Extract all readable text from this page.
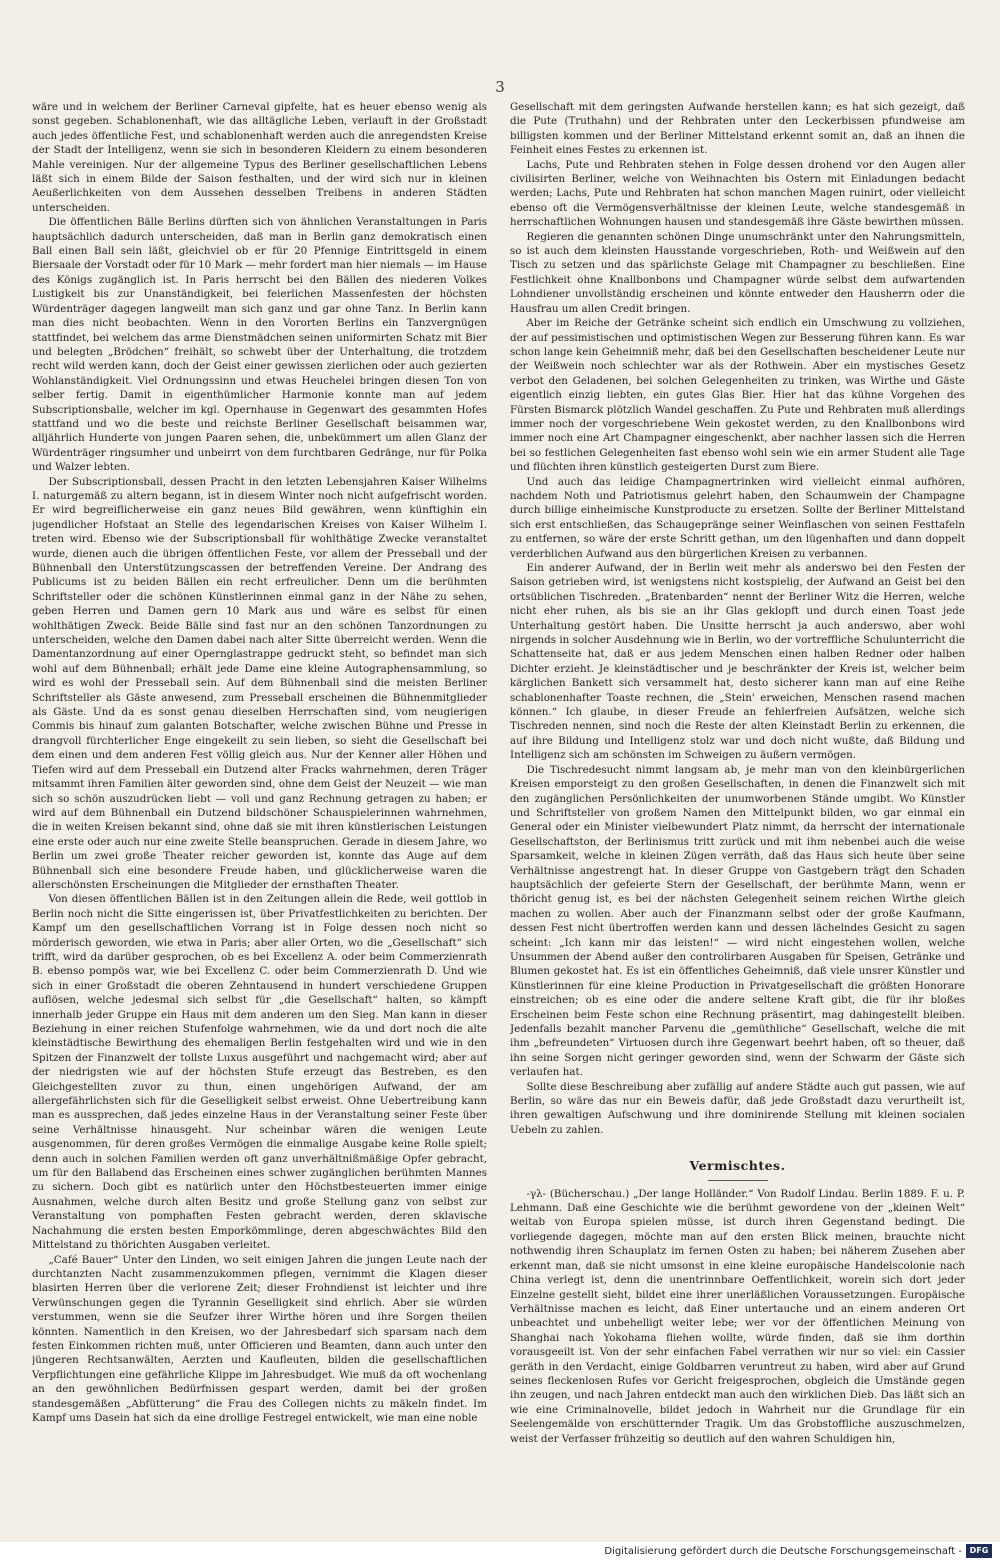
3

wäre und in welchem der Berliner Carneval gipfelte, hat es heuer ebenso wenig als sonst gegeben. Schablonenhaft, wie das alltägliche Leben, verlauft in der Großstadt auch jedes öffentliche Fest, und schablonenhaft werden auch die anregendsten Kreise der Stadt der Intelligenz, wenn sie sich in besonderen Kleidern zu einem besonderen Mahle vereinigen. Nur der allgemeine Typus des Berliner gesellschaftlichen Lebens läßt sich in einem Bilde der Saison festhalten, und der wird sich nur in kleinen Aeußerlichkeiten von dem Aussehen desselben Treibens in anderen Städten unterscheiden.

Die öffentlichen Bälle Berlins dürften sich von ähnlichen Veranstaltungen in Paris hauptsächlich dadurch unterscheiden, daß man in Berlin ganz demokratisch einen Ball einen Ball sein läßt, gleichviel ob er für 20 Pfennige Eintrittsgeld in einem Biersaale der Vorstadt oder für 10 Mark — mehr fordert man hier niemals — im Hause des Königs zugänglich ist. In Paris herrscht bei den Bällen des niederen Volkes Lustigkeit bis zur Unanständigkeit, bei feierlichen Massenfesten der höchsten Würdenträger dagegen langweilt man sich ganz und gar ohne Tanz. In Berlin kann man dies nicht beobachten. Wenn in den Vororten Berlins ein Tanzvergnügen stattfindet, bei welchem das arme Dienstmädchen seinen uniformirten Schatz mit Bier und belegten „Brödchen“ freihält, so schwebt über der Unterhaltung, die trotzdem recht wild werden kann, doch der Geist einer gewissen zierlichen oder auch gezierten Wohlanständigkeit. Viel Ordnungssinn und etwas Heuchelei bringen diesen Ton von selber fertig. Damit in eigenthümlicher Harmonie konnte man auf jedem Subscriptionsballe, welcher im kgl. Opernhause in Gegenwart des gesammten Hofes stattfand und wo die beste und reichste Berliner Gesellschaft beisammen war, alljährlich Hunderte von jungen Paaren sehen, die, unbekümmert um allen Glanz der Würdenträger ringsumher und unbeirrt von dem furchtbaren Gedränge, nur für Polka und Walzer lebten.

Der Subscriptionsball, dessen Pracht in den letzten Lebensjahren Kaiser Wilhelms I. naturgemäß zu altern begann, ist in diesem Winter noch nicht aufgefrischt worden. Er wird begreiflicherweise ein ganz neues Bild gewähren, wenn künftighin ein jugendlicher Hofstaat an Stelle des legendarischen Kreises von Kaiser Wilhelm I. treten wird. Ebenso wie der Subscriptionsball für wohlthätige Zwecke veranstaltet wurde, dienen auch die übrigen öffentlichen Feste, vor allem der Presseball und der Bühnenball den Unterstützungscassen der betreffenden Vereine. Der Andrang des Publicums ist zu beiden Bällen ein recht erfreulicher. Denn um die berühmten Schriftsteller oder die schönen Künstlerinnen einmal ganz in der Nähe zu sehen, geben Herren und Damen gern 10 Mark aus und wäre es selbst für einen wohlthätigen Zweck. Beide Bälle sind fast nur an den schönen Tanzordnungen zu unterscheiden, welche den Damen dabei nach alter Sitte überreicht werden. Wenn die Damentanzordnung auf einer Opernglastrappe gedruckt steht, so befindet man sich wohl auf dem Bühnenball; erhält jede Dame eine kleine Autographensammlung, so wird es wohl der Presseball sein. Auf dem Bühnenball sind die meisten Berliner Schriftsteller als Gäste anwesend, zum Presseball erscheinen die Bühnenmitglieder als Gäste. Und da es sonst genau dieselben Herrschaften sind, vom neugierigen Commis bis hinauf zum galanten Botschafter, welche zwischen Bühne und Presse in drangvoll fürchterlicher Enge eingekeilt zu sein lieben, so sieht die Gesellschaft bei dem einen und dem anderen Fest völlig gleich aus. Nur der Kenner aller Höhen und Tiefen wird auf dem Presseball ein Dutzend alter Fracks wahrnehmen, deren Träger mitsammt ihren Familien älter geworden sind, ohne dem Geist der Neuzeit — wie man sich so schön auszudrücken liebt — voll und ganz Rechnung getragen zu haben; er wird auf dem Bühnenball ein Dutzend bildschöner Schauspielerinnen wahrnehmen, die in weiten Kreisen bekannt sind, ohne daß sie mit ihren künstlerischen Leistungen eine erste oder auch nur eine zweite Stelle beanspruchen. Gerade in diesem Jahre, wo Berlin um zwei große Theater reicher geworden ist, konnte das Auge auf dem Bühnenball sich eine besondere Freude haben, und glücklicherweise waren die allerschönsten Erscheinungen die Mitglieder der ernsthaften Theater.

Von diesen öffentlichen Bällen ist in den Zeitungen allein die Rede, weil gottlob in Berlin noch nicht die Sitte eingerissen ist, über Privatfestlichkeiten zu berichten. Der Kampf um den gesellschaftlichen Vorrang ist in Folge dessen noch nicht so mörderisch geworden, wie etwa in Paris; aber aller Orten, wo die „Gesellschaft“ sich trifft, wird da darüber gesprochen, ob es bei Excellenz A. oder beim Commerzienrath B. ebenso pompös war, wie bei Excellenz C. oder beim Commerzienrath D. Und wie sich in einer Großstadt die oberen Zehntausend in hundert verschiedene Gruppen auflösen, welche jedesmal sich selbst für „die Gesellschaft“ halten, so kämpft innerhalb jeder Gruppe ein Haus mit dem anderen um den Sieg. Man kann in dieser Beziehung in einer reichen Stufenfolge wahrnehmen, wie da und dort noch die alte kleinstädtische Bewirthung des ehemaligen Berlin festgehalten wird und wie in den Spitzen der Finanzwelt der tollste Luxus ausgeführt und nachgemacht wird; aber auf der niedrigsten wie auf der höchsten Stufe erzeugt das Bestreben, es den Gleichgestellten zuvor zu thun, einen ungehörigen Aufwand, der am allergefährlichsten sich für die Geselligkeit selbst erweist. Ohne Uebertreibung kann man es aussprechen, daß jedes einzelne Haus in der Veranstaltung seiner Feste über seine Verhältnisse hinausgeht. Nur scheinbar wären die wenigen Leute ausgenommen, für deren großes Vermögen die einmalige Ausgabe keine Rolle spielt; denn auch in solchen Familien werden oft ganz unverhältnißmäßige Opfer gebracht, um für den Ballabend das Erscheinen eines schwer zugänglichen berühmten Mannes zu sichern. Doch gibt es natürlich unter den Höchstbesteuerten immer einige Ausnahmen, welche durch alten Besitz und große Stellung ganz von selbst zur Veranstaltung von pomphaften Festen gebracht werden, deren sklavische Nachahmung die ersten besten Emporkömmlinge, deren abgeschwächtes Bild den Mittelstand zu thörichten Ausgaben verleitet.

„Café Bauer“ Unter den Linden, wo seit einigen Jahren die jungen Leute nach der durchtanzten Nacht zusammenzukommen pflegen, vernimmt die Klagen dieser blasirten Herren über die verlorene Zeit; dieser Frohndienst ist leichter und ihre Verwünschungen gegen die Tyrannin Geselligkeit sind ehrlich. Aber sie würden verstummen, wenn sie die Seufzer ihrer Wirthe hören und ihre Sorgen theilen könnten. Namentlich in den Kreisen, wo der Jahresbedarf sich sparsam nach dem festen Einkommen richten muß, unter Officieren und Beamten, dann auch unter den jüngeren Rechtsanwälten, Aerzten und Kaufleuten, bilden die gesellschaftlichen Verpflichtungen eine gefährliche Klippe im Jahresbudget. Wie muß da oft wochenlang an den gewöhnlichen Bedürfnissen gespart werden, damit bei der großen standesgemäßen „Abfütterung“ die Frau des Collegen nichts zu mäkeln findet. Im Kampf ums Dasein hat sich da eine drollige Festregel entwickelt, wie man eine noble

Gesellschaft mit dem geringsten Aufwande herstellen kann; es hat sich gezeigt, daß die Pute (Truthahn) und der Rehbraten unter den Leckerbissen pfundweise am billigsten kommen und der Berliner Mittelstand erkennt somit an, daß an ihnen die Feinheit eines Festes zu erkennen ist.

Lachs, Pute und Rehbraten stehen in Folge dessen drohend vor den Augen aller civilisirten Berliner, welche von Weihnachten bis Ostern mit Einladungen bedacht werden; Lachs, Pute und Rehbraten hat schon manchen Magen ruinirt, oder vielleicht ebenso oft die Vermögensverhältnisse der kleinen Leute, welche standesgemäß in herrschaftlichen Wohnungen hausen und standesgemäß ihre Gäste bewirthen müssen.

Regieren die genannten schönen Dinge unumschränkt unter den Nahrungsmitteln, so ist auch dem kleinsten Hausstande vorgeschrieben, Roth- und Weißwein auf den Tisch zu setzen und das spärlichste Gelage mit Champagner zu beschließen. Eine Festlichkeit ohne Knallbonbons und Champagner würde selbst dem aufwartenden Lohndiener unvollständig erscheinen und könnte entweder den Hausherrn oder die Hausfrau um allen Credit bringen.

Aber im Reiche der Getränke scheint sich endlich ein Umschwung zu vollziehen, der auf pessimistischen und optimistischen Wegen zur Besserung führen kann. Es war schon lange kein Geheimniß mehr, daß bei den Gesellschaften bescheidener Leute nur der Weißwein noch schlechter war als der Rothwein. Aber ein mystisches Gesetz verbot den Geladenen, bei solchen Gelegenheiten zu trinken, was Wirthe und Gäste eigentlich einzig liebten, ein gutes Glas Bier. Hier hat das kühne Vorgehen des Fürsten Bismarck plötzlich Wandel geschaffen. Zu Pute und Rehbraten muß allerdings immer noch der vorgeschriebene Wein gekostet werden, zu den Knallbonbons wird immer noch eine Art Champagner eingeschenkt, aber nachher lassen sich die Herren bei so festlichen Gelegenheiten fast ebenso wohl sein wie ein armer Student alle Tage und flüchten ihren künstlich gesteigerten Durst zum Biere.

Und auch das leidige Champagnertrinken wird vielleicht einmal aufhören, nachdem Noth und Patriotismus gelehrt haben, den Schaumwein der Champagne durch billige einheimische Kunstproducte zu ersetzen. Sollte der Berliner Mittelstand sich erst entschließen, das Schaugepränge seiner Weinflaschen von seinen Festtafeln zu entfernen, so wäre der erste Schritt gethan, um den lügenhaften und dann doppelt verderblichen Aufwand aus den bürgerlichen Kreisen zu verbannen.

Ein anderer Aufwand, der in Berlin weit mehr als anderswo bei den Festen der Saison getrieben wird, ist wenigstens nicht kostspielig, der Aufwand an Geist bei den ortsüblichen Tischreden. „Bratenbarden“ nennt der Berliner Witz die Herren, welche nicht eher ruhen, als bis sie an ihr Glas geklopft und durch einen Toast jede Unterhaltung gestört haben. Die Unsitte herrscht ja auch anderswo, aber wohl nirgends in solcher Ausdehnung wie in Berlin, wo der vortreffliche Schulunterricht die Schattenseite hat, daß er aus jedem Menschen einen halben Redner oder halben Dichter erzieht. Je kleinstädtischer und je beschränkter der Kreis ist, welcher beim kärglichen Bankett sich versammelt hat, desto sicherer kann man auf eine Reihe schablonenhafter Toaste rechnen, die „Stein' erweichen, Menschen rasend machen können.“ Ich glaube, in dieser Freude an fehlerfreien Aufsätzen, welche sich Tischreden nennen, sind noch die Reste der alten Kleinstadt Berlin zu erkennen, die auf ihre Bildung und Intelligenz stolz war und doch nicht wußte, daß Bildung und Intelligenz sich am schönsten im Schweigen zu äußern vermögen.

Die Tischredesucht nimmt langsam ab, je mehr man von den kleinbürgerlichen Kreisen emporsteigt zu den großen Gesellschaften, in denen die Finanzwelt sich mit den zugänglichen Persönlichkeiten der unumworbenen Stände umgibt. Wo Künstler und Schriftsteller von großem Namen den Mittelpunkt bilden, wo gar einmal ein General oder ein Minister vielbewundert Platz nimmt, da herrscht der internationale Gesellschaftston, der Berlinismus tritt zurück und mit ihm nebenbei auch die weise Sparsamkeit, welche in kleinen Zügen verräth, daß das Haus sich heute über seine Verhältnisse angestrengt hat. In dieser Gruppe von Gastgebern trägt den Schaden hauptsächlich der gefeierte Stern der Gesellschaft, der berühmte Mann, wenn er thöricht genug ist, es bei der nächsten Gelegenheit seinem reichen Wirthe gleich machen zu wollen. Aber auch der Finanzmann selbst oder der große Kaufmann, dessen Fest nicht übertroffen werden kann und dessen lächelndes Gesicht zu sagen scheint: „Ich kann mir das leisten!“ — wird nicht eingestehen wollen, welche Unsummen der Abend außer den controlirbaren Ausgaben für Speisen, Getränke und Blumen gekostet hat. Es ist ein öffentliches Geheimniß, daß viele unsrer Künstler und Künstlerinnen für eine kleine Production in Privatgesellschaft die größten Honorare einstreichen; ob es eine oder die andere seltene Kraft gibt, die für ihr bloßes Erscheinen beim Feste schon eine Rechnung präsentirt, mag dahingestellt bleiben. Jedenfalls bezahlt mancher Parvenu die „gemüthliche“ Gesellschaft, welche die mit ihm „befreundeten“ Virtuosen durch ihre Gegenwart beehrt haben, oft so theuer, daß ihn seine Sorgen nicht geringer geworden sind, wenn der Schwarm der Gäste sich verlaufen hat.

Sollte diese Beschreibung aber zufällig auf andere Städte auch gut passen, wie auf Berlin, so wäre das nur ein Beweis dafür, daß jede Großstadt dazu verurtheilt ist, ihren gewaltigen Aufschwung und ihre dominirende Stellung mit kleinen socialen Uebeln zu zahlen.

Vermischtes.

-γλ- (Bücherschau.) „Der lange Holländer.“ Von Rudolf Lindau. Berlin 1889. F. u. P. Lehmann. Daß eine Geschichte wie die berühmt gewordene von der „kleinen Welt“ weitab von Europa spielen müsse, ist durch ihren Gegenstand bedingt. Die vorliegende dagegen, möchte man auf den ersten Blick meinen, brauchte nicht nothwendig ihren Schauplatz im fernen Osten zu haben; bei näherem Zusehen aber erkennt man, daß sie nicht umsonst in eine kleine europäische Handelscolonie nach China verlegt ist, denn die unentrinnbare Oeffentlichkeit, worein sich dort jeder Einzelne gestellt sieht, bildet eine ihrer unerläßlichen Voraussetzungen. Europäische Verhältnisse machen es leicht, daß Einer untertauche und an einem anderen Ort unbeachtet und unbehelligt weiter lebe; wer vor der öffentlichen Meinung von Shanghai nach Yokohama fliehen wollte, würde finden, daß sie ihm dorthin vorausgeeilt ist. Von der sehr einfachen Fabel verrathen wir nur so viel: ein Cassier geräth in den Verdacht, einige Goldbarren veruntreut zu haben, wird aber auf Grund seines fleckenlosen Rufes vor Gericht freigesprochen, obgleich die Umstände gegen ihn zeugen, und nach Jahren entdeckt man auch den wirklichen Dieb. Das läßt sich an wie eine Criminalnovelle, bildet jedoch in Wahrheit nur die Grundlage für ein Seelengemälde von erschütternder Tragik. Um das Grobstoffliche auszuschmelzen, weist der Verfasser frühzeitig so deutlich auf den wahren Schuldigen hin,

Digitalisierung gefördert durch die Deutsche Forschungsgemeinschaft - DFG
